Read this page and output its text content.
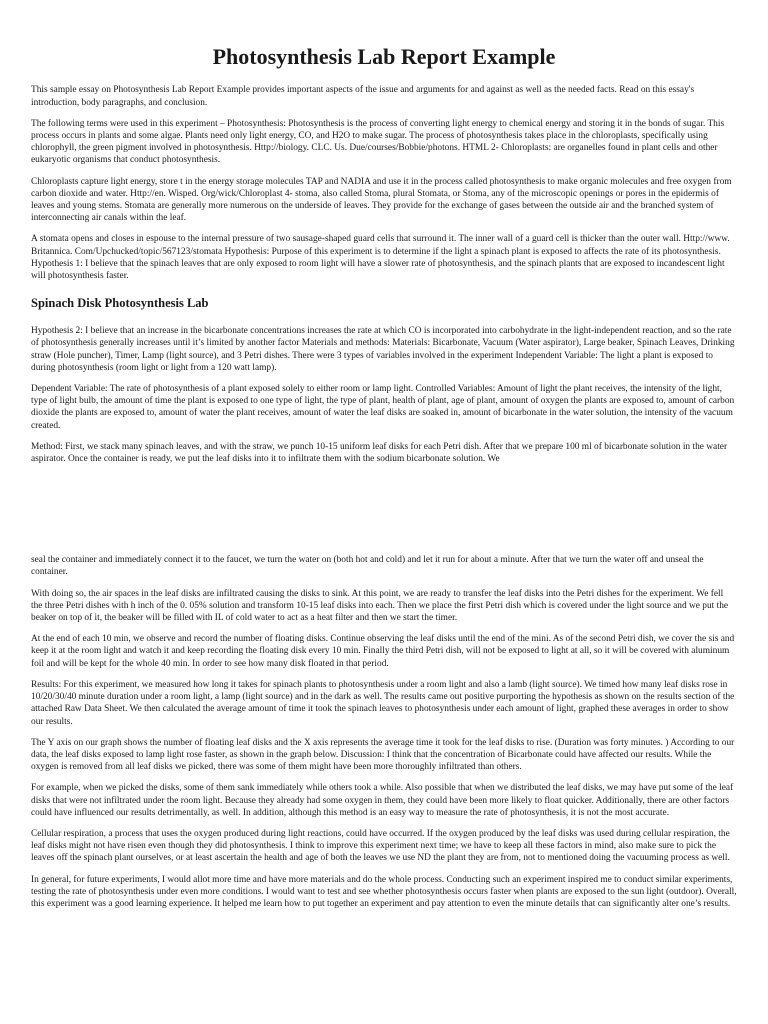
Photosynthesis Lab Report Example

This sample essay on Photosynthesis Lab Report Example provides important aspects of the issue and arguments for and against as well as the needed facts. Read on this essay's introduction, body paragraphs, and conclusion.

The following terms were used in this experiment – Photosynthesis: Photosynthesis is the process of converting light energy to chemical energy and storing it in the bonds of sugar. This process occurs in plants and some algae. Plants need only light energy, CO, and H2O to make sugar. The process of photosynthesis takes place in the chloroplasts, specifically using chlorophyll, the green pigment involved in photosynthesis. Http://biology. CLC. Us. Due/courses/Bobbie/photons. HTML 2- Chloroplasts: are organelles found in plant cells and other eukaryotic organisms that conduct photosynthesis.

Chloroplasts capture light energy, store t in the energy storage molecules TAP and NADIA and use it in the process called photosynthesis to make organic molecules and free oxygen from carbon dioxide and water. Http://en. Wisped. Org/wick/Chloroplast 4- stoma, also called Stoma, plural Stomata, or Stoma, any of the microscopic openings or pores in the epidermis of leaves and young stems. Stomata are generally more numerous on the underside of leaves. They provide for the exchange of gases between the outside air and the branched system of interconnecting air canals within the leaf.

A stomata opens and closes in espouse to the internal pressure of two sausage-shaped guard cells that surround it. The inner wall of a guard cell is thicker than the outer wall. Http://www. Britannica. Com/Upchucked/topic/567123/stomata Hypothesis: Purpose of this experiment is to determine if the light a spinach plant is exposed to affects the rate of its photosynthesis. Hypothesis 1: I believe that the spinach leaves that are only exposed to room light will have a slower rate of photosynthesis, and the spinach plants that are exposed to incandescent light will photosynthesis faster.

Spinach Disk Photosynthesis Lab

Hypothesis 2: I believe that an increase in the bicarbonate concentrations increases the rate at which CO is incorporated into carbohydrate in the light-independent reaction, and so the rate of photosynthesis generally increases until it’s limited by another factor Materials and methods: Materials: Bicarbonate, Vacuum (Water aspirator), Large beaker, Spinach Leaves, Drinking straw (Hole puncher), Timer, Lamp (light source), and 3 Petri dishes. There were 3 types of variables involved in the experiment Independent Variable: The light a plant is exposed to during photosynthesis (room light or light from a 120 watt lamp).

Dependent Variable: The rate of photosynthesis of a plant exposed solely to either room or lamp light. Controlled Variables: Amount of light the plant receives, the intensity of the light, type of light bulb, the amount of time the plant is exposed to one type of light, the type of plant, health of plant, age of plant, amount of oxygen the plants are exposed to, amount of carbon dioxide the plants are exposed to, amount of water the plant receives, amount of water the leaf disks are soaked in, amount of bicarbonate in the water solution, the intensity of the vacuum created.

Method: First, we stack many spinach leaves, and with the straw, we punch 10-15 uniform leaf disks for each Petri dish. After that we prepare 100 ml of bicarbonate solution in the water aspirator. Once the container is ready, we put the leaf disks into it to infiltrate them with the sodium bicarbonate solution. We

seal the container and immediately connect it to the faucet, we turn the water on (both hot and cold) and let it run for about a minute. After that we turn the water off and unseal the container.

With doing so, the air spaces in the leaf disks are infiltrated causing the disks to sink. At this point, we are ready to transfer the leaf disks into the Petri dishes for the experiment. We fell the three Petri dishes with h inch of the 0. 05% solution and transform 10-15 leaf disks into each. Then we place the first Petri dish which is covered under the light source and we put the beaker on top of it, the beaker will be filled with IL of cold water to act as a heat filter and then we start the timer.

At the end of each 10 min, we observe and record the number of floating disks. Continue observing the leaf disks until the end of the mini. As of the second Petri dish, we cover the sis and keep it at the room light and watch it and keep recording the floating disk every 10 min. Finally the third Petri dish, will not be exposed to light at all, so it will be covered with aluminum foil and will be kept for the whole 40 min. In order to see how many disk floated in that period.

Results: For this experiment, we measured how long it takes for spinach plants to photosynthesis under a room light and also a lamb (light source). We timed how many leaf disks rose in 10/20/30/40 minute duration under a room light, a lamp (light source) and in the dark as well. The results came out positive purporting the hypothesis as shown on the results section of the attached Raw Data Sheet. We then calculated the average amount of time it took the spinach leaves to photosynthesis under each amount of light, graphed these averages in order to show our results.

The Y axis on our graph shows the number of floating leaf disks and the X axis represents the average time it took for the leaf disks to rise. (Duration was forty minutes. ) According to our data, the leaf disks exposed to lamp light rose faster, as shown in the graph below. Discussion: I think that the concentration of Bicarbonate could have affected our results. While the oxygen is removed from all leaf disks we picked, there was some of them might have been more thoroughly infiltrated than others.

For example, when we picked the disks, some of them sank immediately while others took a while. Also possible that when we distributed the leaf disks, we may have put some of the leaf disks that were not infiltrated under the room light. Because they already had some oxygen in them, they could have been more likely to float quicker. Additionally, there are other factors could have influenced our results detrimentally, as well. In addition, although this method is an easy way to measure the rate of photosynthesis, it is not the most accurate.

Cellular respiration, a process that uses the oxygen produced during light reactions, could have occurred. If the oxygen produced by the leaf disks was used during cellular respiration, the leaf disks might not have risen even though they did photosynthesis. I think to improve this experiment next time; we have to keep all these factors in mind, also make sure to pick the leaves off the spinach plant ourselves, or at least ascertain the health and age of both the leaves we use ND the plant they are from, not to mentioned doing the vacuuming process as well.

In general, for future experiments, I would allot more time and have more materials and do the whole process. Conducting such an experiment inspired me to conduct similar experiments, testing the rate of photosynthesis under even more conditions. I would want to test and see whether photosynthesis occurs faster when plants are exposed to the sun light (outdoor). Overall, this experiment was a good learning experience. It helped me learn how to put together an experiment and pay attention to even the minute details that can significantly alter one’s results.
